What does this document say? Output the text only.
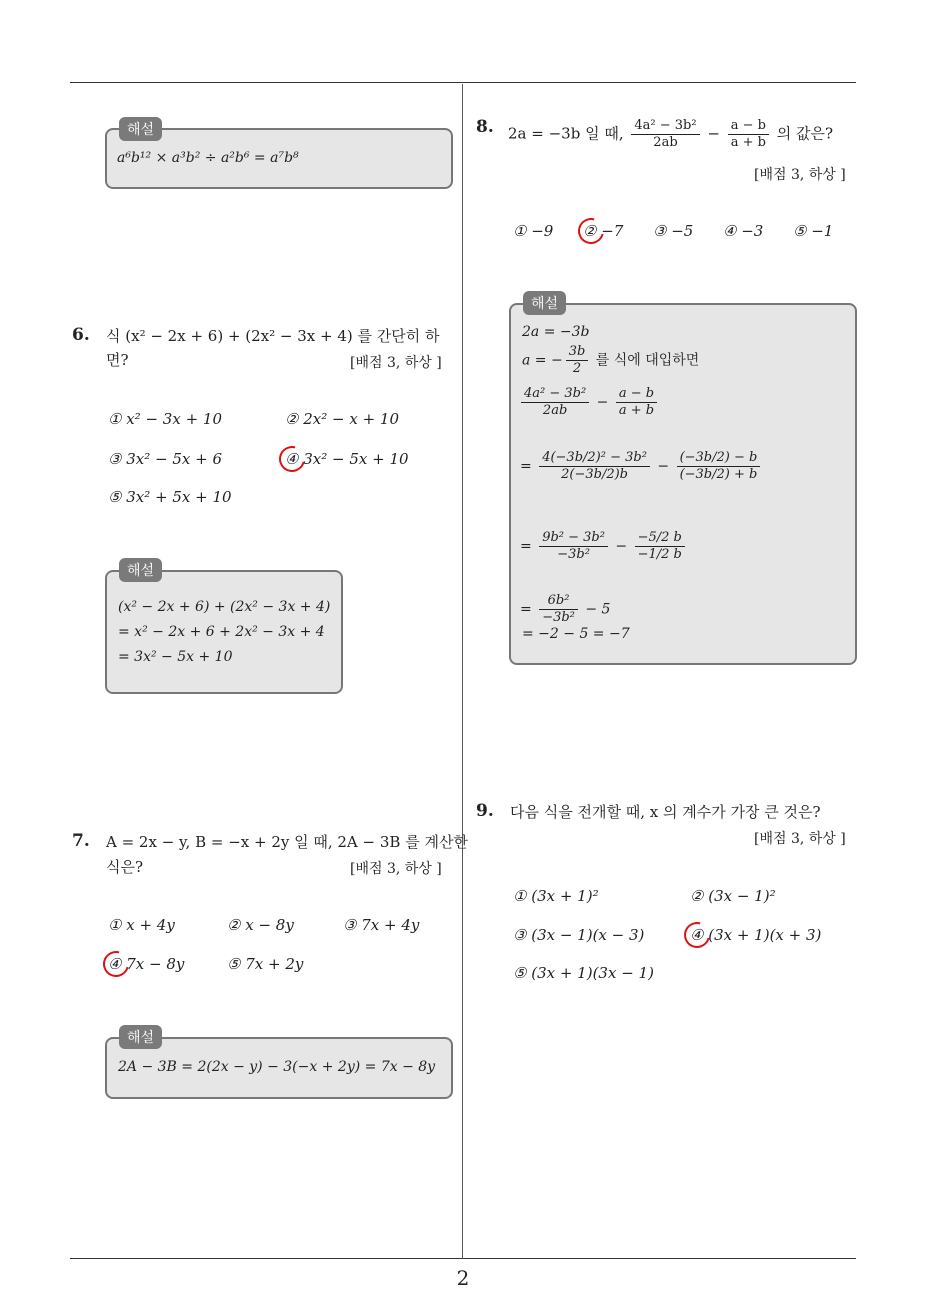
2
해설
a⁶b¹² × a³b² ÷ a²b⁶ = a⁷b⁸
6. 식 (x² − 2x + 6) + (2x² − 3x + 4) 를 간단히 하면?	[배점 3, 하상 ]
① x² − 3x + 10	② 2x² − x + 10
③ 3x² − 5x + 6	④ 3x² − 5x + 10
⑤ 3x² + 5x + 10
해설
(x² − 2x + 6) + (2x² − 3x + 4)
= x² − 2x + 6 + 2x² − 3x + 4
= 3x² − 5x + 10
7. A = 2x − y, B = −x + 2y 일 때, 2A − 3B 를 계산한
식은?	[배점 3, 하상 ]
① x + 4y	② x − 8y	③ 7x + 4y
④ 7x − 8y	⑤ 7x + 2y
해설
2A − 3B = 2(2x − y) − 3(−x + 2y) = 7x − 8y
8. 2a = −3b 일 때, $\frac{\text{4a² − 3b²}}{2ab} - \frac{a - b}{a + b}$ 의 값은?
[배점 3, 하상 ]
① −9 ② −7 ③ −5 ④ −3 ⑤ −1
해설
2a = −3b
a = − $\frac{3b}{2}$ 를 식에 대입하면
$\frac{\text{4a² − 3b²}}{2ab} - \frac{a - b}{a + b}$
= $\frac{\text{4(−3b/2)² − 3b²}}{2(-3b/2)b} - \frac{(-3b/2) - b}{(-3b/2) + b}$
= $\frac{\text{9b² − 3b²}}{\text{−3b²}} - \frac{-5/2 b}{-1/2 b}$
= $\frac{\text{6b²}}{\text{−3b²}} - 5$
= −2 − 5 = −7
9. 다음 식을 전개할 때, x 의 계수가 가장 큰 것은?
[배점 3, 하상 ]
① (3x + 1)²	② (3x − 1)²
③ (3x − 1)(x − 3)	④ (3x + 1)(x + 3)
⑤ (3x + 1)(3x − 1)
